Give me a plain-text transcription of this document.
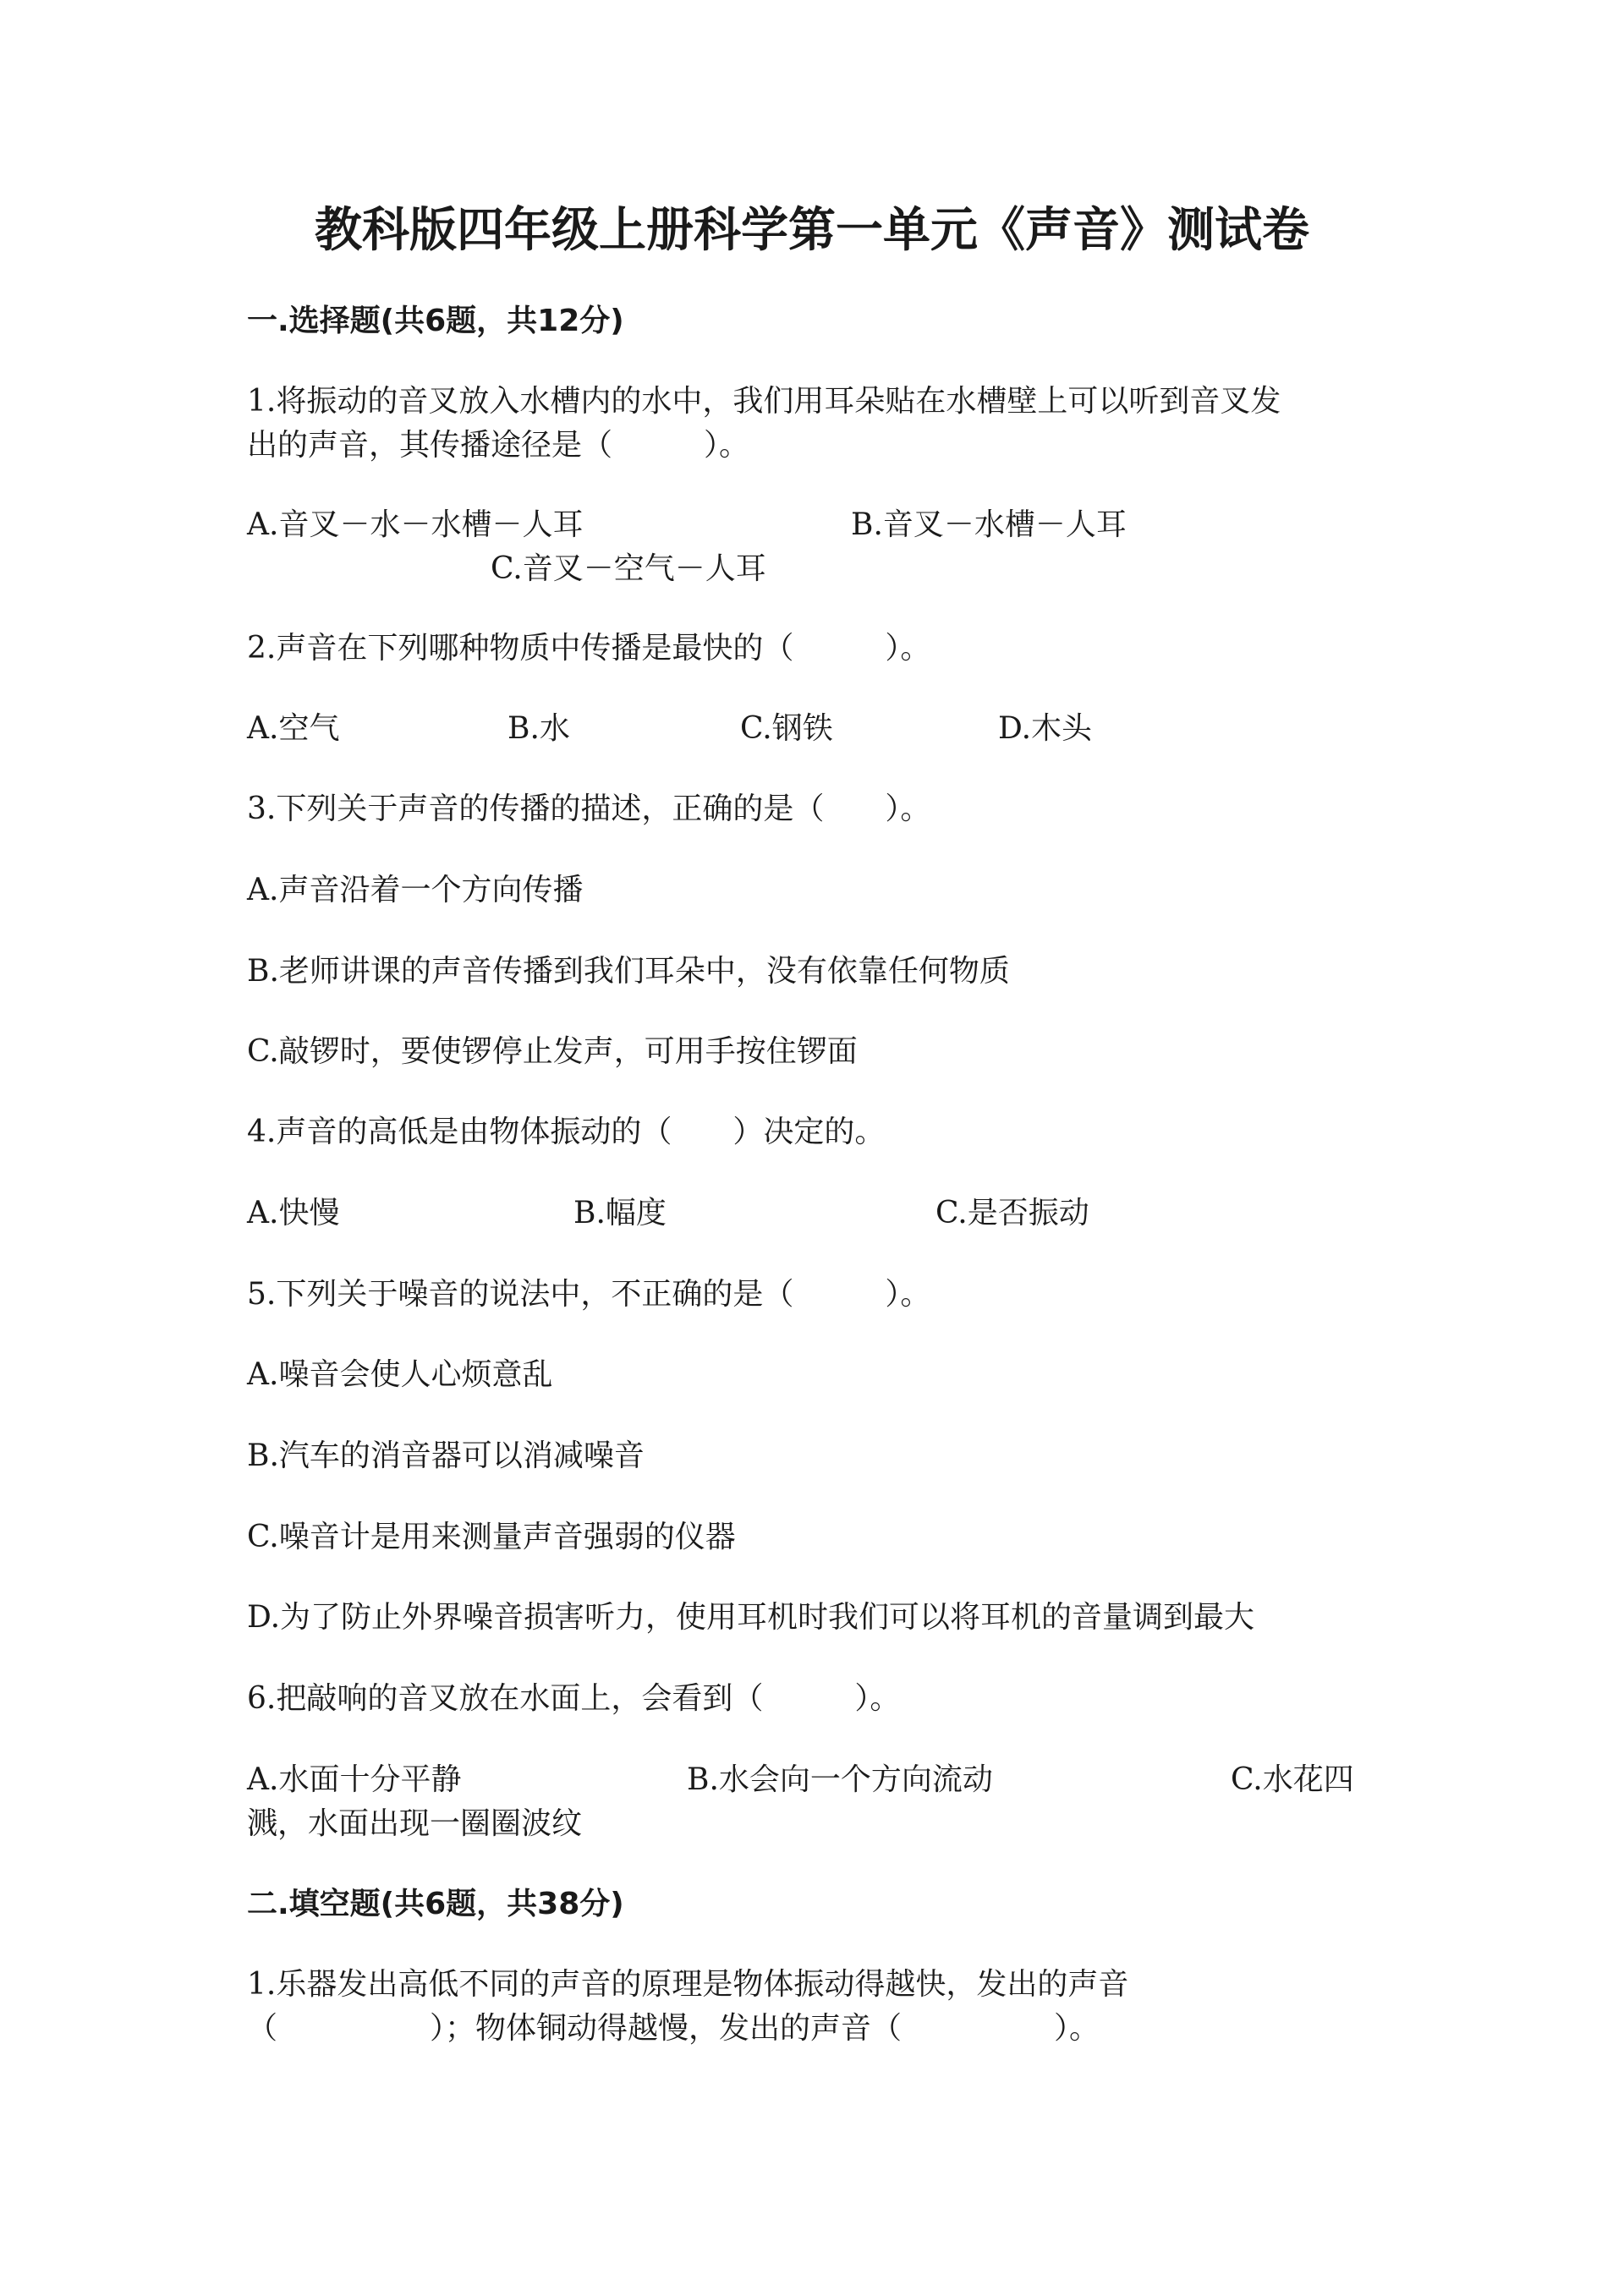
教科版四年级上册科学第一单元《声音》测试卷
一.选择题(共6题，共12分)
1.将振动的音叉放入水槽内的水中，我们用耳朵贴在水槽壁上可以听到音叉发
出的声音，其传播途径是（　　　）。
A.音叉－水－水槽－人耳	B.音叉－水槽－人耳
C.音叉－空气－人耳
2.声音在下列哪种物质中传播是最快的（　　　）。
A.空气	B.水	C.钢铁	D.木头
3.下列关于声音的传播的描述，正确的是（　　）。
A.声音沿着一个方向传播
B.老师讲课的声音传播到我们耳朵中，没有依靠任何物质
C.敲锣时，要使锣停止发声，可用手按住锣面
4.声音的高低是由物体振动的（　　）决定的。
A.快慢	B.幅度	C.是否振动
5.下列关于噪音的说法中，不正确的是（　　　）。
A.噪音会使人心烦意乱
B.汽车的消音器可以消减噪音
C.噪音计是用来测量声音强弱的仪器
D.为了防止外界噪音损害听力，使用耳机时我们可以将耳机的音量调到最大
6.把敲响的音叉放在水面上，会看到（　　　）。
A.水面十分平静	B.水会向一个方向流动	C.水花四
溅，水面出现一圈圈波纹
二.填空题(共6题，共38分)
1.乐器发出高低不同的声音的原理是物体振动得越快，发出的声音
（　　　　　）；物体铜动得越慢，发出的声音（　　　　　）。
